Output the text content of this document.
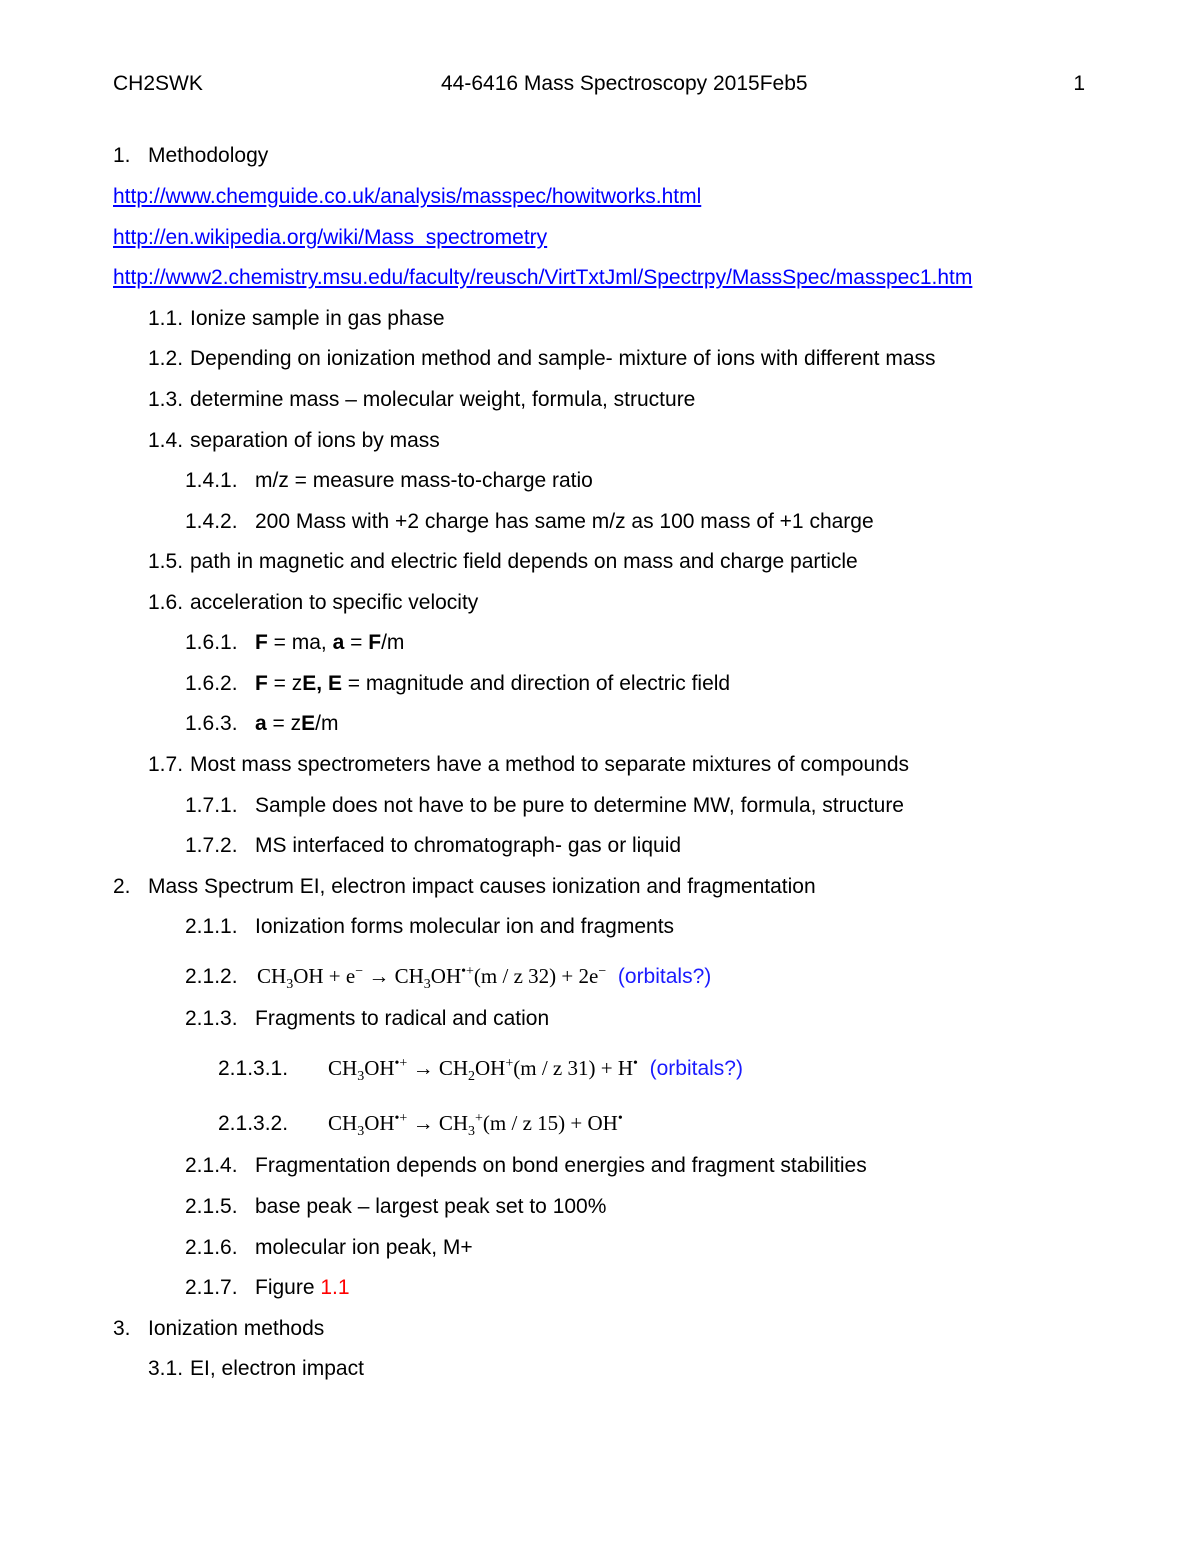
CH2SWK	44-6416 Mass Spectroscopy 2015Feb5	1
1. Methodology
http://www.chemguide.co.uk/analysis/masspec/howitworks.html
http://en.wikipedia.org/wiki/Mass_spectrometry
http://www2.chemistry.msu.edu/faculty/reusch/VirtTxtJml/Spectrpy/MassSpec/masspec1.htm
1.1. Ionize sample in gas phase
1.2. Depending on ionization method and sample- mixture of ions with different mass
1.3. determine mass – molecular weight, formula, structure
1.4. separation of ions by mass
1.4.1. m/z = measure mass-to-charge ratio
1.4.2. 200 Mass with +2 charge has same m/z as 100 mass of +1 charge
1.5. path in magnetic and electric field depends on mass and charge particle
1.6. acceleration to specific velocity
1.6.1. F = ma, a = F/m
1.6.2. F = zE, E = magnitude and direction of electric field
1.6.3. a = zE/m
1.7. Most mass spectrometers have a method to separate mixtures of compounds
1.7.1. Sample does not have to be pure to determine MW, formula, structure
1.7.2. MS interfaced to chromatograph- gas or liquid
2. Mass Spectrum EI, electron impact causes ionization and fragmentation
2.1.1. Ionization forms molecular ion and fragments
2.1.2. $CH_3OH + e^- \to CH_3OH^{•+}(m / z$ 32) + 2e− (orbitals?)
2.1.3. Fragments to radical and cation
2.1.3.1. $CH_3OH^{•+} \to CH_2OH^+(m / z$ 31) + H• (orbitals?)
2.1.3.2. $CH_3OH^{•+} \to CH_3^+(m / z$ 15) + OH•
2.1.4. Fragmentation depends on bond energies and fragment stabilities
2.1.5. base peak – largest peak set to 100%
2.1.6. molecular ion peak, M+
2.1.7. Figure 1.1
3. Ionization methods
3.1. EI, electron impact
